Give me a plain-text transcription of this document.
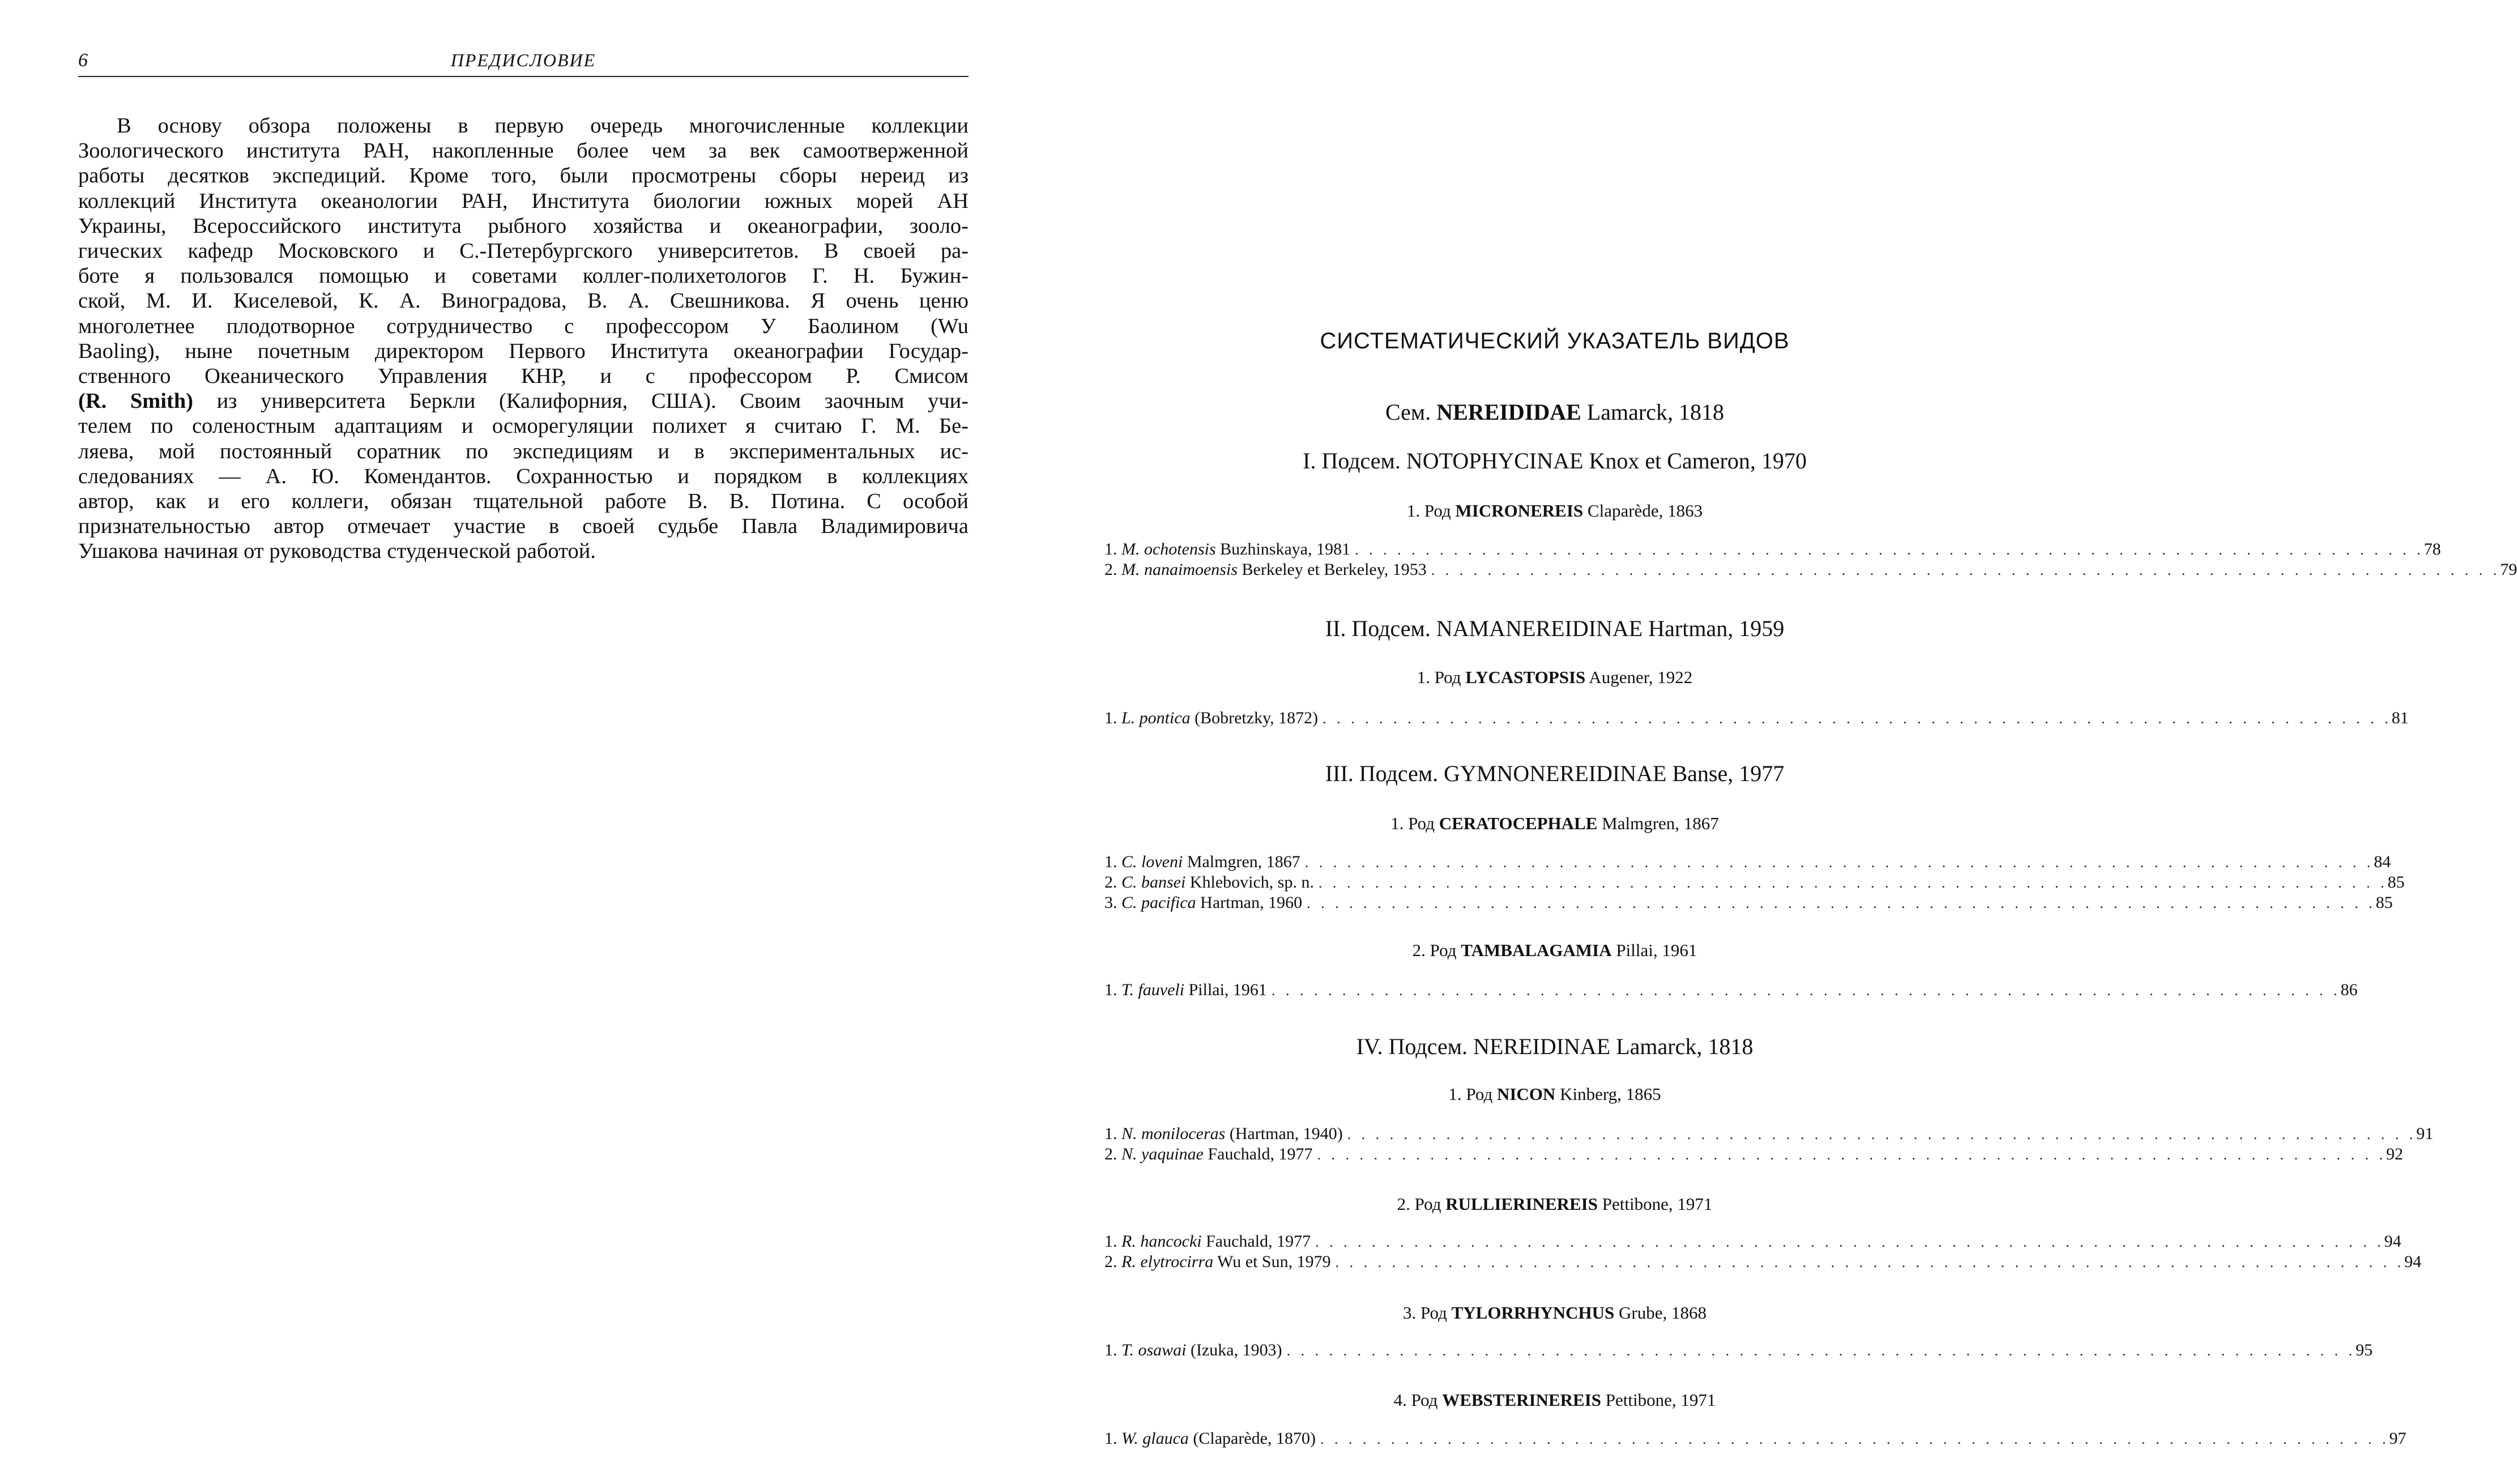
6	ПРЕДИСЛОВИЕ
В основу обзора положены в первую очередь многочисленные коллекции
Зоологического института РАН, накопленные более чем за век самоотверженной
работы десятков экспедиций. Кроме того, были просмотрены сборы нереид из
коллекций Института океанологии РАН, Института биологии южных морей АН
Украины, Всероссийского института рыбного хозяйства и океанографии, зооло-
гических кафедр Московского и С.-Петербургского университетов. В своей ра-
боте я пользовался помощью и советами коллег-полихетологов Г. Н. Бужин-
ской, М. И. Киселевой, К. А. Виноградова, В. А. Свешникова. Я очень ценю
многолетнее плодотворное сотрудничество с профессором У Баолином (Wu
Baoling), ныне почетным директором Первого Института океанографии Государ-
ственного Океанического Управления КНР, и с профессором Р. Смисом
(R. Smith) из университета Беркли (Калифорния, США). Своим заочным учи-
телем по соленостным адаптациям и осморегуляции полихет я считаю Г. М. Бе-
ляева, мой постоянный соратник по экспедициям и в экспериментальных ис-
следованиях — А. Ю. Комендантов. Сохранностью и порядком в коллекциях
автор, как и его коллеги, обязан тщательной работе В. В. Потина. С особой
признательностью автор отмечает участие в своей судьбе Павла Владимировича
Ушакова начиная от руководства студенческой работой.
СИСТЕМАТИЧЕСКИЙ УКАЗАТЕЛЬ ВИДОВ
Сем. NEREIDIDAE Lamarck, 1818
I. Подсем. NOTOPHYCINAE Knox et Cameron, 1970
1. Род MICRONEREIS Claparède, 1863
1. M. ochotensis Buzhinskaya, 1981 . . . . . . . . . . . . . . . . . . . . . . . . . . . . . . . . . . . . . . . . . . . . . . . . . . . . . . . . . . . . . . . . . . . . . . . . . . . . 78
2. M. nanaimoensis Berkeley et Berkeley, 1953 . . . . . . . . . . . . . . . . . . . . . . . . . . . . . . . . . . . . . . . . . . . . . . . . . . . . . . . . . . . . . . . . . . . . . . . . . . . . 79
II. Подсем. NAMANEREIDINAE Hartman, 1959
1. Род LYCASTOPSIS Augener, 1922
1. L. pontica (Bobretzky, 1872) . . . . . . . . . . . . . . . . . . . . . . . . . . . . . . . . . . . . . . . . . . . . . . . . . . . . . . . . . . . . . . . . . . . . . . . . . . . . 81
III. Подсем. GYMNONEREIDINAE Banse, 1977
1. Род CERATOCEPHALE Malmgren, 1867
1. C. loveni Malmgren, 1867 . . . . . . . . . . . . . . . . . . . . . . . . . . . . . . . . . . . . . . . . . . . . . . . . . . . . . . . . . . . . . . . . . . . . . . . . . . . . 84
2. C. bansei Khlebovich, sp. n. . . . . . . . . . . . . . . . . . . . . . . . . . . . . . . . . . . . . . . . . . . . . . . . . . . . . . . . . . . . . . . . . . . . . . . . . . . . . 85
3. C. pacifica Hartman, 1960 . . . . . . . . . . . . . . . . . . . . . . . . . . . . . . . . . . . . . . . . . . . . . . . . . . . . . . . . . . . . . . . . . . . . . . . . . . . . 85
2. Род TAMBALAGAMIA Pillai, 1961
1. T. fauveli Pillai, 1961 . . . . . . . . . . . . . . . . . . . . . . . . . . . . . . . . . . . . . . . . . . . . . . . . . . . . . . . . . . . . . . . . . . . . . . . . . . . . 86
IV. Подсем. NEREIDINAE Lamarck, 1818
1. Род NICON Kinberg, 1865
1. N. moniloceras (Hartman, 1940) . . . . . . . . . . . . . . . . . . . . . . . . . . . . . . . . . . . . . . . . . . . . . . . . . . . . . . . . . . . . . . . . . . . . . . . . . . . . 91
2. N. yaquinae Fauchald, 1977 . . . . . . . . . . . . . . . . . . . . . . . . . . . . . . . . . . . . . . . . . . . . . . . . . . . . . . . . . . . . . . . . . . . . . . . . . . . . 92
2. Род RULLIERINEREIS Pettibone, 1971
1. R. hancocki Fauchald, 1977 . . . . . . . . . . . . . . . . . . . . . . . . . . . . . . . . . . . . . . . . . . . . . . . . . . . . . . . . . . . . . . . . . . . . . . . . . . . . 94
2. R. elytrocirra Wu et Sun, 1979 . . . . . . . . . . . . . . . . . . . . . . . . . . . . . . . . . . . . . . . . . . . . . . . . . . . . . . . . . . . . . . . . . . . . . . . . . . . . 94
3. Род TYLORRHYNCHUS Grube, 1868
1. T. osawai (Izuka, 1903) . . . . . . . . . . . . . . . . . . . . . . . . . . . . . . . . . . . . . . . . . . . . . . . . . . . . . . . . . . . . . . . . . . . . . . . . . . . . 95
4. Род WEBSTERINEREIS Pettibone, 1971
1. W. glauca (Claparède, 1870) . . . . . . . . . . . . . . . . . . . . . . . . . . . . . . . . . . . . . . . . . . . . . . . . . . . . . . . . . . . . . . . . . . . . . . . . . . . . 97
